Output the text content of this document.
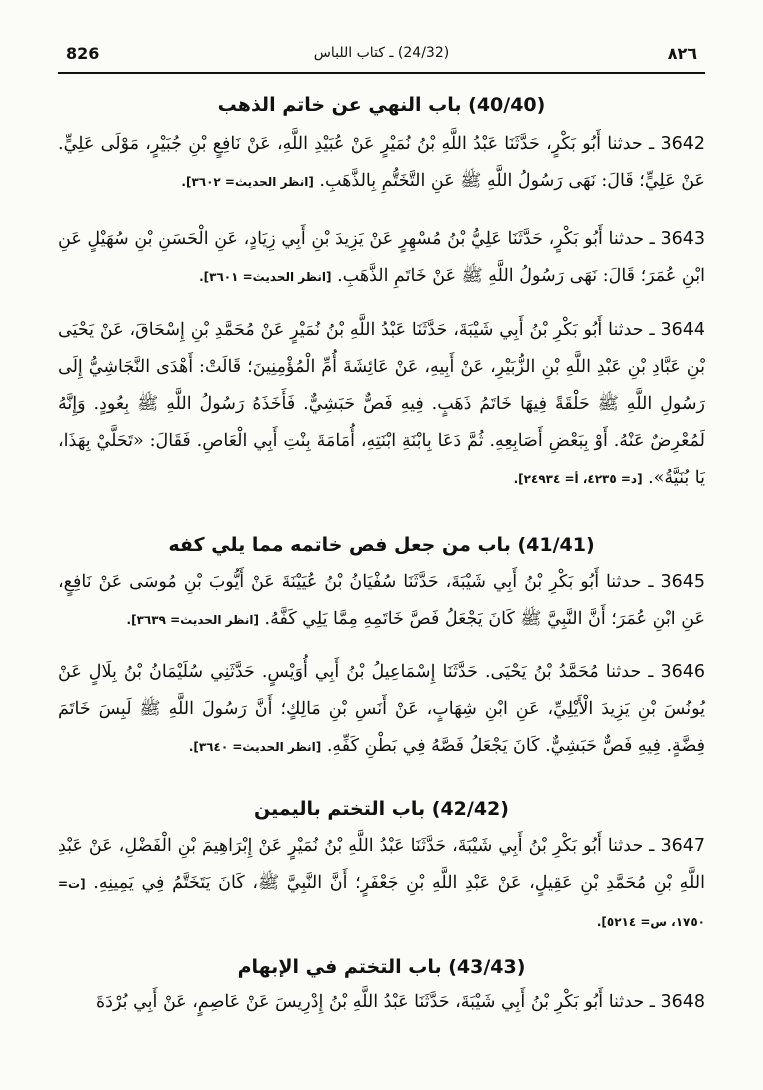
826	(24/32) ـ كتاب اللباس	٨٢٦
(40/40) باب النهي عن خاتم الذهب

3642 ـ حدثنا أَبُو بَكْرٍ، حَدَّثَنَا عَبْدُ اللَّهِ بْنُ نُمَيْرٍ عَنْ عُبَيْدِ اللَّهِ، عَنْ نَافِعٍ بْنِ جُبَيْرٍ، مَوْلَى عَلِيٍّ. عَنْ عَلِيٍّ؛ قَالَ: نَهَى رَسُولُ اللَّهِ ﷺ عَنِ التَّخَتُّمِ بِالذَّهَبِ. [انظر الحديث= ٣٦٠٢].

3643 ـ حدثنا أَبُو بَكْرٍ، حَدَّثَنَا عَلِيُّ بْنُ مُسْهِرٍ عَنْ يَزِيدَ بْنِ أَبِي زِيَادٍ، عَنِ الْحَسَنِ بْنِ سُهَيْلٍ عَنِ ابْنِ عُمَرَ؛ قَالَ: نَهَى رَسُولُ اللَّهِ ﷺ عَنْ خَاتَمِ الذَّهَبِ. [انظر الحديث= ٣٦٠١].

3644 ـ حدثنا أَبُو بَكْرِ بْنُ أَبِي شَيْبَةَ، حَدَّثَنَا عَبْدُ اللَّهِ بْنُ نُمَيْرٍ عَنْ مُحَمَّدِ بْنِ إِسْحَاقَ، عَنْ يَحْيَى بْنِ عَبَّادِ بْنِ عَبْدِ اللَّهِ بْنِ الزُّبَيْرِ، عَنْ أَبِيهِ، عَنْ عَائِشَةَ أُمِّ الْمُؤْمِنِينَ؛ قَالَتْ: أَهْدَى النَّجَاشِيُّ إِلَى رَسُولِ اللَّهِ ﷺ حَلْقَةً فِيهَا خَاتَمُ ذَهَبٍ. فِيهِ فَصٌّ حَبَشِيٌّ. فَأَخَذَهُ رَسُولُ اللَّهِ ﷺ بِعُودٍ. وَإِنَّهُ لَمُعْرِضٌ عَنْهُ. أَوْ بِبَعْضِ أَصَابِعِهِ. ثُمَّ دَعَا بِابْنَةِ ابْنَتِهِ، أُمَامَةَ بِنْتِ أَبِي الْعَاصِ. فَقَالَ: «تَحَلَّيْ بِهَذَا، يَا بُنَيَّةُ». [د= ٤٢٣٥، أ= ٢٤٩٣٤].

(41/41) باب من جعل فص خاتمه مما يلي كفه

3645 ـ حدثنا أَبُو بَكْرِ بْنُ أَبِي شَيْبَةَ، حَدَّثَنَا سُفْيَانُ بْنُ عُيَيْنَةَ عَنْ أَيُّوبَ بْنِ مُوسَى عَنْ نَافِعٍ، عَنِ ابْنِ عُمَرَ؛ أَنَّ النَّبِيَّ ﷺ كَانَ يَجْعَلُ فَصَّ خَاتَمِهِ مِمَّا يَلِي كَفَّهُ. [انظر الحديث= ٣٦٣٩].

3646 ـ حدثنا مُحَمَّدُ بْنُ يَحْيَى. حَدَّثَنَا إِسْمَاعِيلُ بْنُ أَبِي أُوَيْسٍ. حَدَّثَنِي سُلَيْمَانُ بْنُ بِلَالٍ عَنْ يُونُسَ بْنِ يَزِيدَ الْأَيْلِيِّ، عَنِ ابْنِ شِهَابٍ، عَنْ أَنَسِ بْنِ مَالِكٍ؛ أَنَّ رَسُولَ اللَّهِ ﷺ لَبِسَ خَاتَمَ فِضَّةٍ. فِيهِ فَصٌّ حَبَشِيٌّ. كَانَ يَجْعَلُ فَصَّهُ فِي بَطْنِ كَفِّهِ. [انظر الحديث= ٣٦٤٠].

(42/42) باب التختم باليمين

3647 ـ حدثنا أَبُو بَكْرِ بْنُ أَبِي شَيْبَةَ، حَدَّثَنَا عَبْدُ اللَّهِ بْنُ نُمَيْرٍ عَنْ إِبْرَاهِيمَ بْنِ الْفَضْلِ، عَنْ عَبْدِ اللَّهِ بْنِ مُحَمَّدِ بْنِ عَقِيلٍ، عَنْ عَبْدِ اللَّهِ بْنِ جَعْفَرٍ؛ أَنَّ النَّبِيَّ ﷺ، كَانَ يَتَخَتَّمُ فِي يَمِينِهِ. [ت= ١٧٥٠، س= ٥٢١٤].

(43/43) باب التختم في الإبهام

3648 ـ حدثنا أَبُو بَكْرِ بْنُ أَبِي شَيْبَةَ، حَدَّثَنَا عَبْدُ اللَّهِ بْنُ إِدْرِيسَ عَنْ عَاصِمٍ، عَنْ أَبِي بُرْدَةَ
